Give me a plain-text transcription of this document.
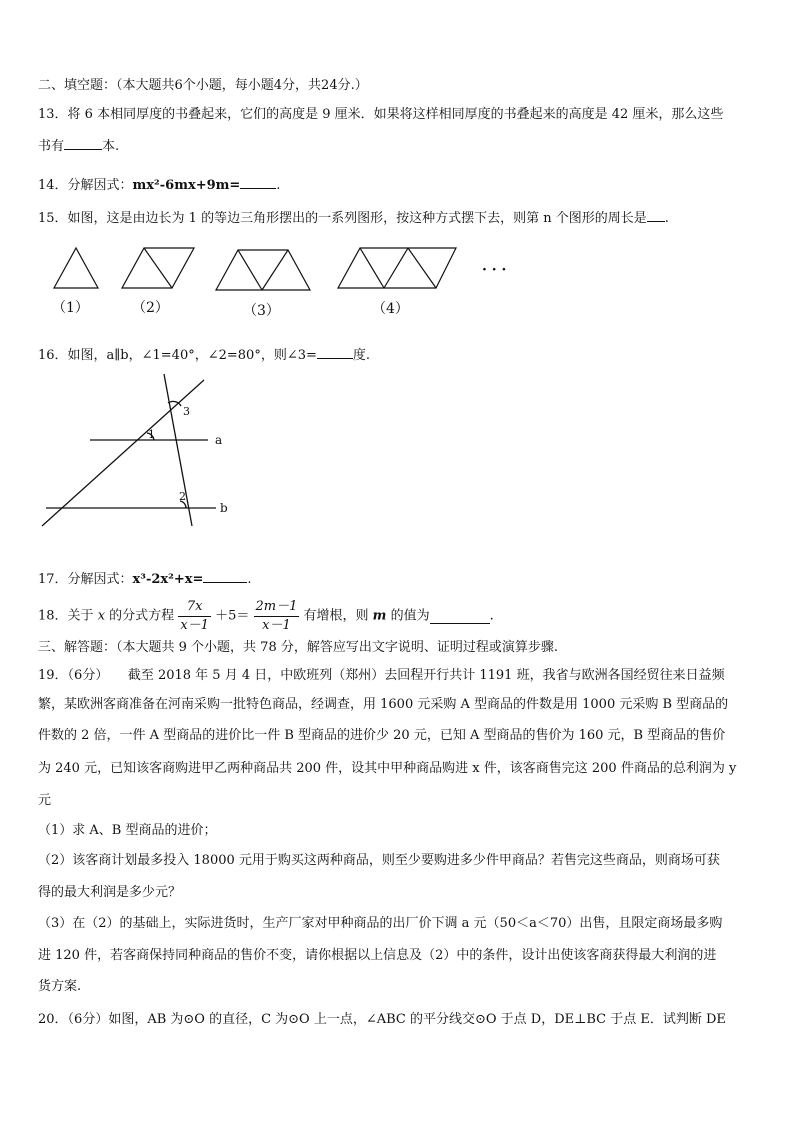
二、填空题：（本大题共6个小题，每小题4分，共24分.）
13．将 6 本相同厚度的书叠起来，它们的高度是 9 厘米．如果将这样相同厚度的书叠起来的高度是 42 厘米，那么这些
书有	本.
14．分解因式：mx²-6mx+9m=	.
15．如图，这是由边长为 1 的等边三角形摆出的一系列图形，按这种方式摆下去，则第 n 个图形的周长是 .
（1）	（2）	（3）	（4）
· · ·
16．如图，a∥b，∠1=40°，∠2=80°，则∠3=	度.
3
1
2
a
b
17．分解因式：x³-2x²+x=	.
18．关于 x 的分式方程 $\frac{7x}{x-1} +5= \frac{2m-1}{x-1}$ 有增根，则 m 的值为	.
三、解答题：（本大题共 9 个小题，共 78 分，解答应写出文字说明、证明过程或演算步骤.
19．（6分）　　截至 2018 年 5 月 4 日，中欧班列（郑州）去回程开行共计 1191 班，我省与欧洲各国经贸往来日益频
繁，某欧洲客商准备在河南采购一批特色商品，经调查，用 1600 元采购 A 型商品的件数是用 1000 元采购 B 型商品的
件数的 2 倍，一件 A 型商品的进价比一件 B 型商品的进价少 20 元，已知 A 型商品的售价为 160 元，B 型商品的售价
为 240 元，已知该客商购进甲乙两种商品共 200 件，设其中甲种商品购进 x 件，该客商售完这 200 件商品的总利润为 y
元
（1）求 A、B 型商品的进价；
（2）该客商计划最多投入 18000 元用于购买这两种商品，则至少要购进多少件甲商品？若售完这些商品，则商场可获
得的最大利润是多少元？
（3）在（2）的基础上，实际进货时，生产厂家对甲种商品的出厂价下调 a 元（50＜a＜70）出售，且限定商场最多购
进 120 件，若客商保持同种商品的售价不变，请你根据以上信息及（2）中的条件，设计出使该客商获得最大利润的进
货方案.
20．（6分）如图，AB 为⊙O 的直径，C 为⊙O 上一点，∠ABC 的平分线交⊙O 于点 D，DE⊥BC 于点 E．试判断 DE
